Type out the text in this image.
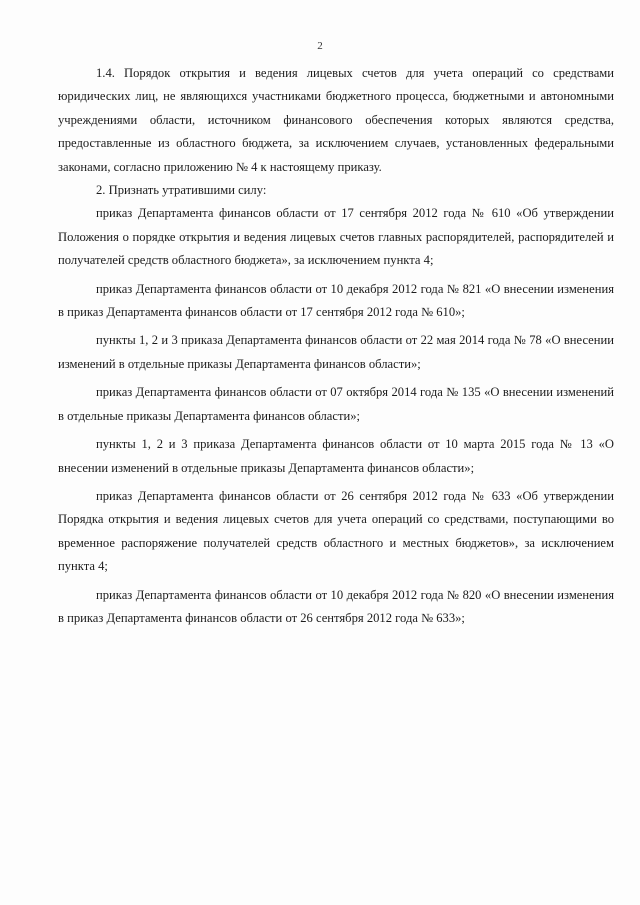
2

1.4. Порядок открытия и ведения лицевых счетов для учета операций со средствами юридических лиц, не являющихся участниками бюджетного процесса, бюджетными и автономными учреждениями области, источником финансового обеспечения которых являются средства, предоставленные из областного бюджета, за исключением случаев, установленных федеральными законами, согласно приложению № 4 к настоящему приказу.

2. Признать утратившими силу:

приказ Департамента финансов области от 17 сентября 2012 года № 610 «Об утверждении Положения о порядке открытия и ведения лицевых счетов главных распорядителей, распорядителей и получателей средств областного бюджета», за исключением пункта 4;

приказ Департамента финансов области от 10 декабря 2012 года № 821 «О внесении изменения в приказ Департамента финансов области от 17 сентября 2012 года № 610»;

пункты 1, 2 и 3 приказа Департамента финансов области от 22 мая 2014 года № 78 «О внесении изменений в отдельные приказы Департамента финансов области»;

приказ Департамента финансов области от 07 октября 2014 года № 135 «О внесении изменений в отдельные приказы Департамента финансов области»;

пункты 1, 2 и 3 приказа Департамента финансов области от 10 марта 2015 года № 13 «О внесении изменений в отдельные приказы Департамента финансов области»;

приказ Департамента финансов области от 26 сентября 2012 года № 633 «Об утверждении Порядка открытия и ведения лицевых счетов для учета операций со средствами, поступающими во временное распоряжение получателей средств областного и местных бюджетов», за исключением пункта 4;

приказ Департамента финансов области от 10 декабря 2012 года № 820 «О внесении изменения в приказ Департамента финансов области от 26 сентября 2012 года № 633»;
